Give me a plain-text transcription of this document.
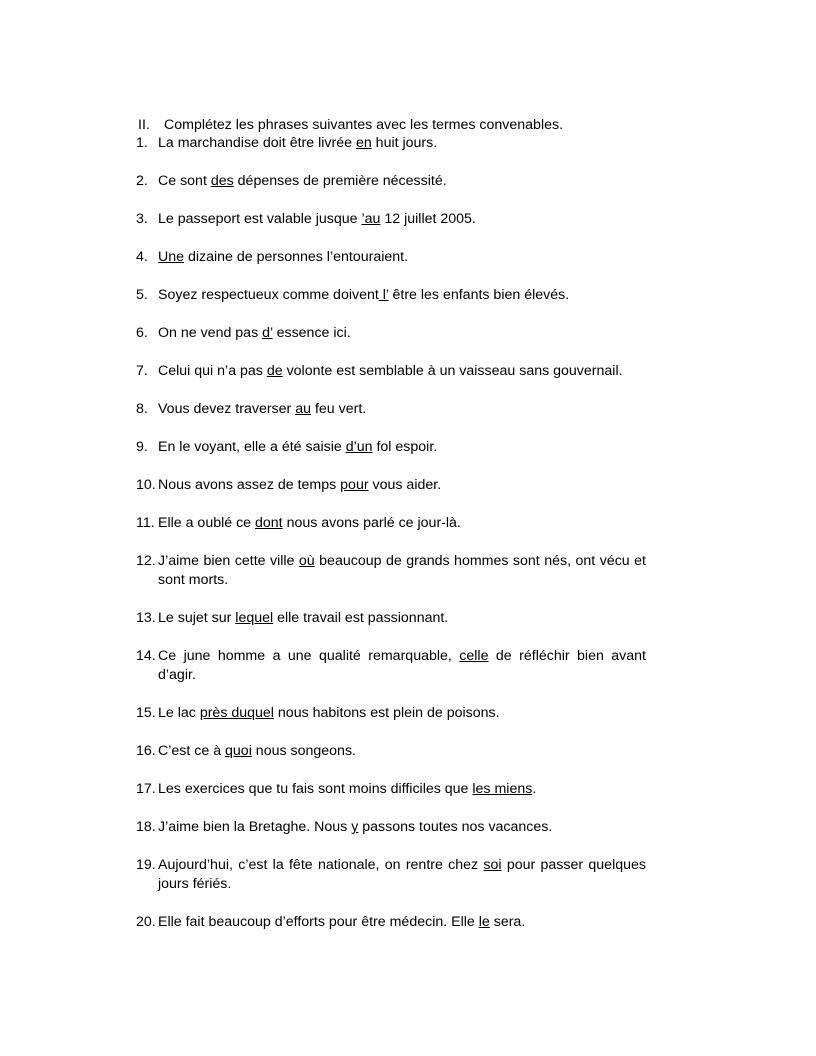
II. Complétez les phrases suivantes avec les termes convenables.
1. La marchandise doit être livrée en huit jours.
2. Ce sont des dépenses de première nécessité.
3. Le passeport est valable jusque ’au 12 juillet 2005.
4. Une dizaine de personnes l’entouraient.
5. Soyez respectueux comme doivent l’ être les enfants bien élevés.
6. On ne vend pas d’ essence ici.
7. Celui qui n’a pas de volonte est semblable à un vaisseau sans gouvernail.
8. Vous devez traverser au feu vert.
9. En le voyant, elle a été saisie d’un fol espoir.
10. Nous avons assez de temps pour vous aider.
11. Elle a oublé ce dont nous avons parlé ce jour-là.
12. J’aime bien cette ville où beaucoup de grands hommes sont nés, ont vécu et sont morts.
13. Le sujet sur lequel elle travail est passionnant.
14. Ce june homme a une qualité remarquable, celle de réfléchir bien avant d’agir.
15. Le lac près duquel nous habitons est plein de poisons.
16. C’est ce à quoi nous songeons.
17. Les exercices que tu fais sont moins difficiles que les miens.
18. J’aime bien la Bretaghe. Nous y passons toutes nos vacances.
19. Aujourd’hui, c’est la fête nationale, on rentre chez soi pour passer quelques jours fériés.
20. Elle fait beaucoup d’efforts pour être médecin. Elle le sera.
